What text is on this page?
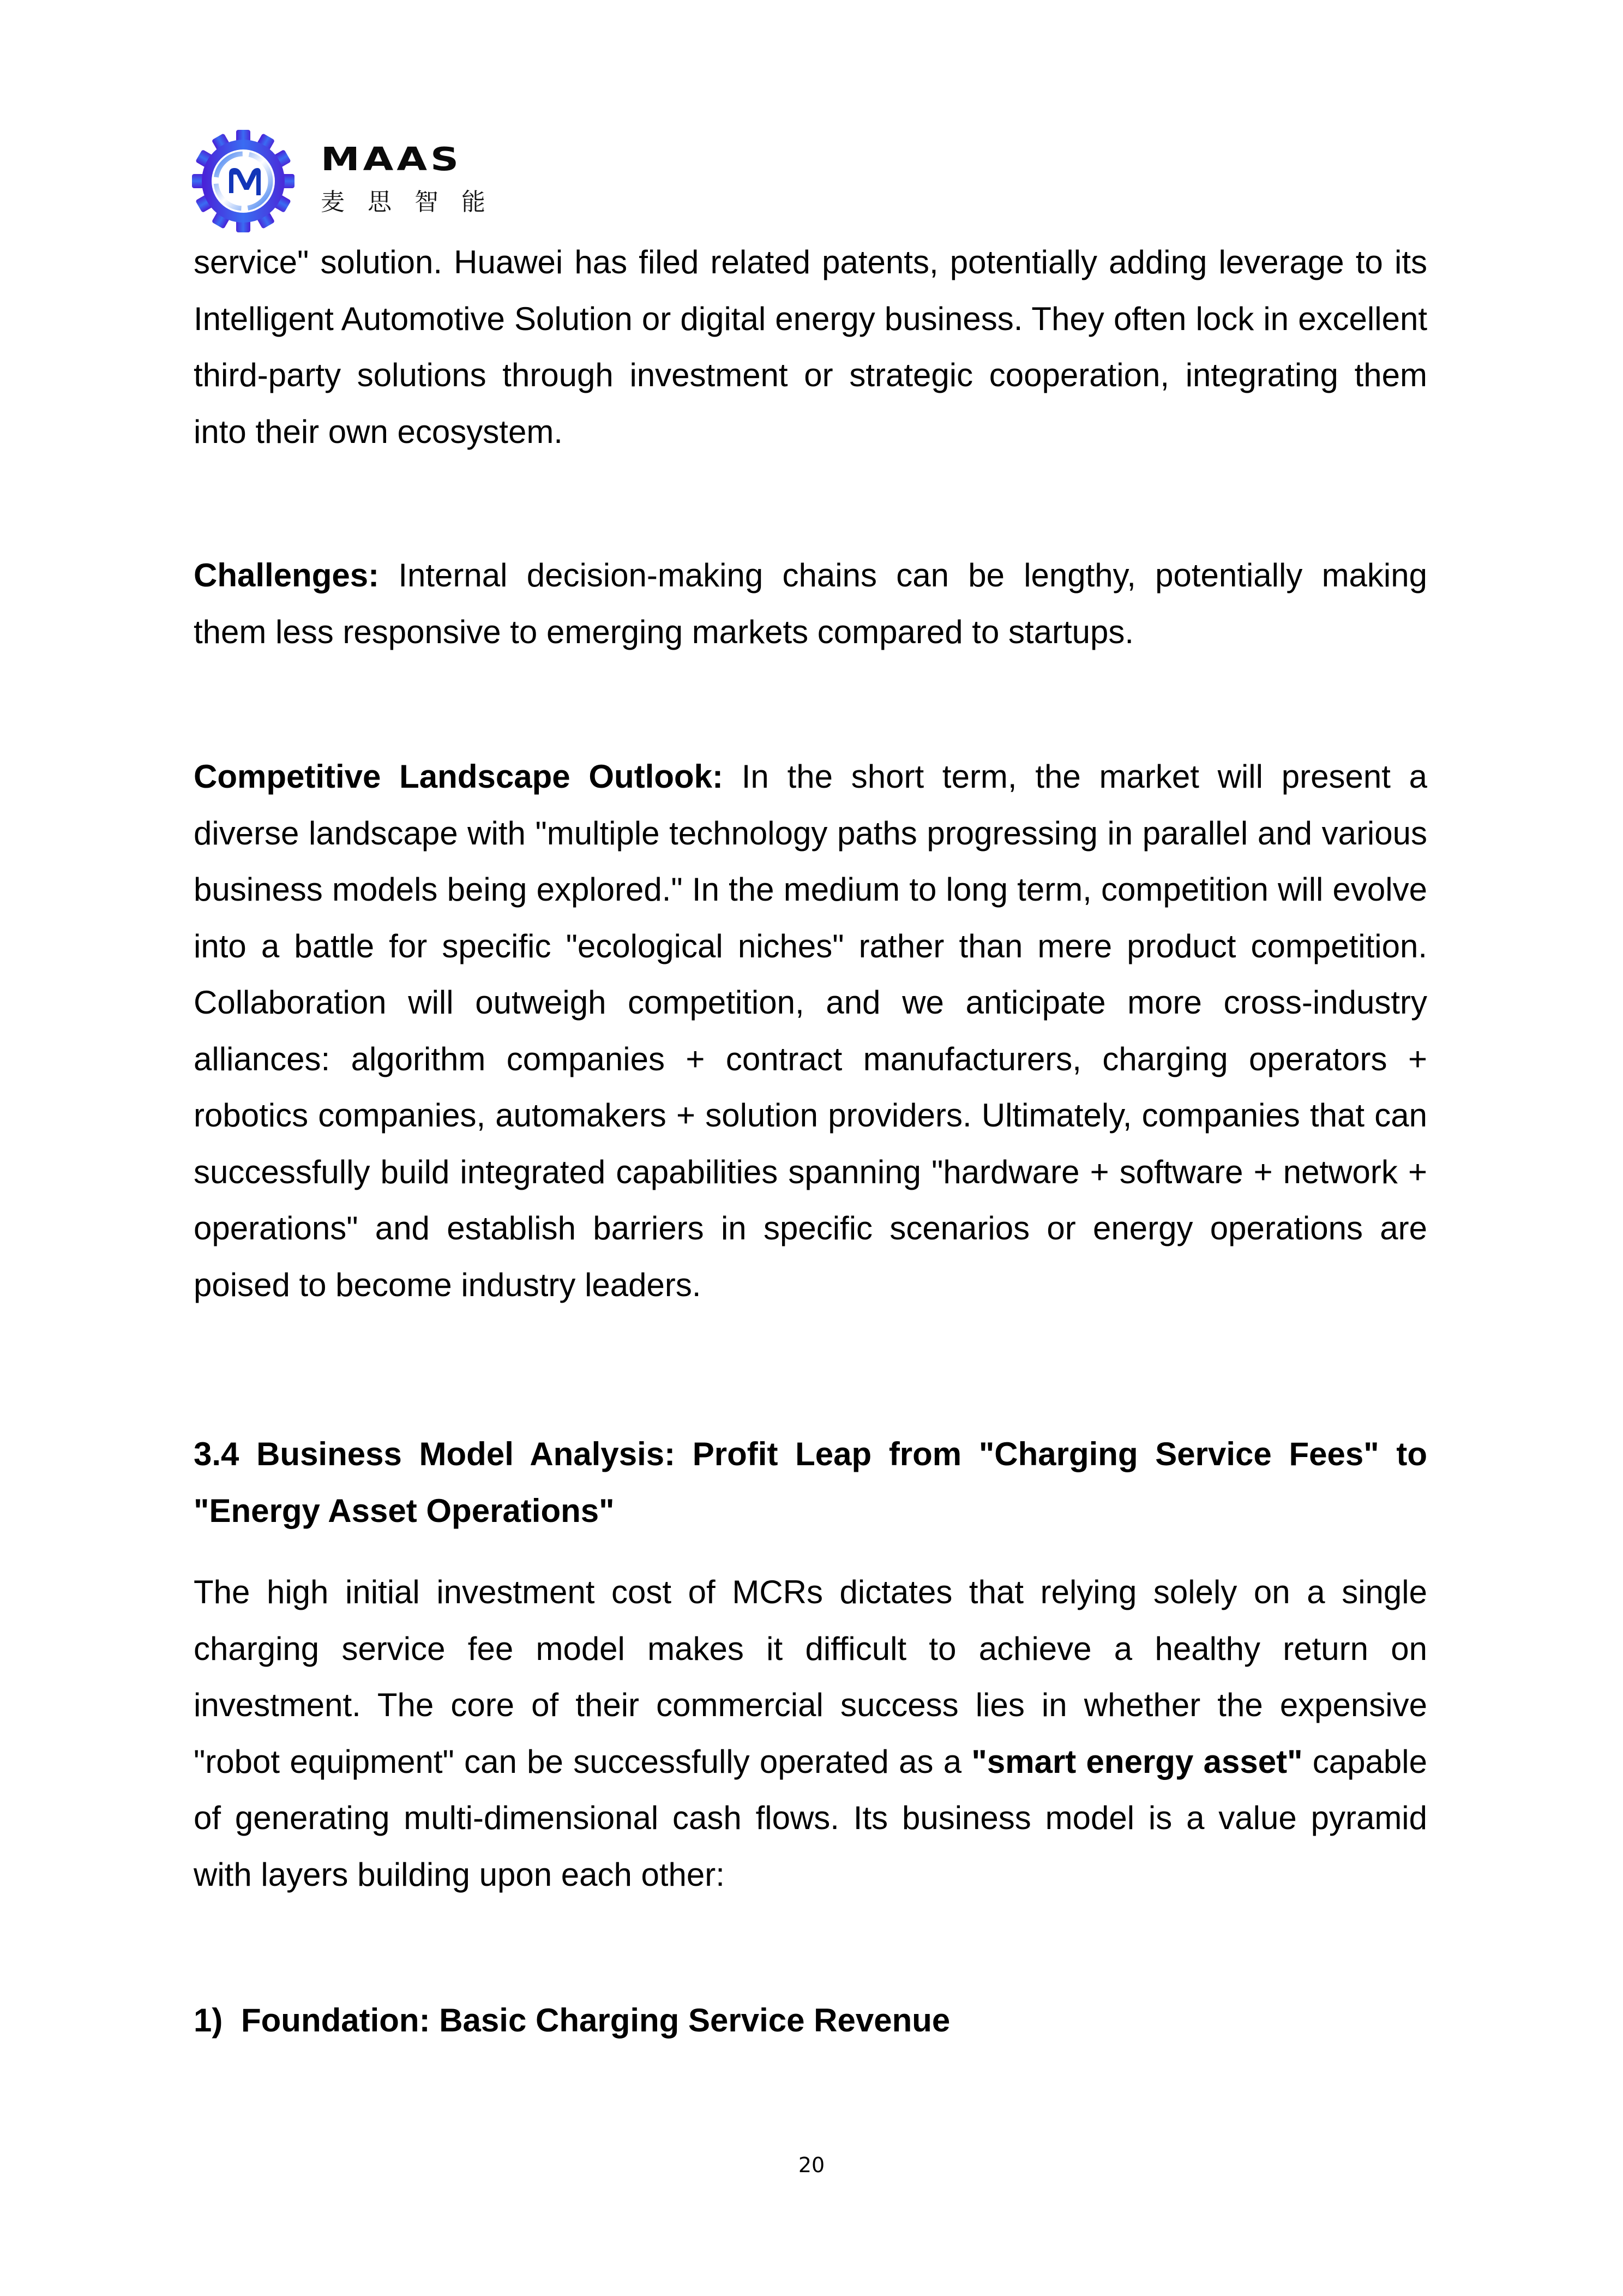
MAAS
麦思智能

service" solution. Huawei has filed related patents, potentially adding leverage to its Intelligent Automotive Solution or digital energy business. They often lock in excellent third-party solutions through investment or strategic cooperation, integrating them into their own ecosystem.

Challenges: Internal decision-making chains can be lengthy, potentially making them less responsive to emerging markets compared to startups.

Competitive Landscape Outlook: In the short term, the market will present a diverse landscape with "multiple technology paths progressing in parallel and various business models being explored." In the medium to long term, competition will evolve into a battle for specific "ecological niches" rather than mere product competition. Collaboration will outweigh competition, and we anticipate more cross-industry alliances: algorithm companies + contract manufacturers, charging operators + robotics companies, automakers + solution providers. Ultimately, companies that can successfully build integrated capabilities spanning "hardware + software + network + operations" and establish barriers in specific scenarios or energy operations are poised to become industry leaders.

3.4 Business Model Analysis: Profit Leap from "Charging Service Fees" to "Energy Asset Operations"

The high initial investment cost of MCRs dictates that relying solely on a single charging service fee model makes it difficult to achieve a healthy return on investment. The core of their commercial success lies in whether the expensive "robot equipment" can be successfully operated as a "smart energy asset" capable of generating multi-dimensional cash flows. Its business model is a value pyramid with layers building upon each other:

1) Foundation: Basic Charging Service Revenue
20
